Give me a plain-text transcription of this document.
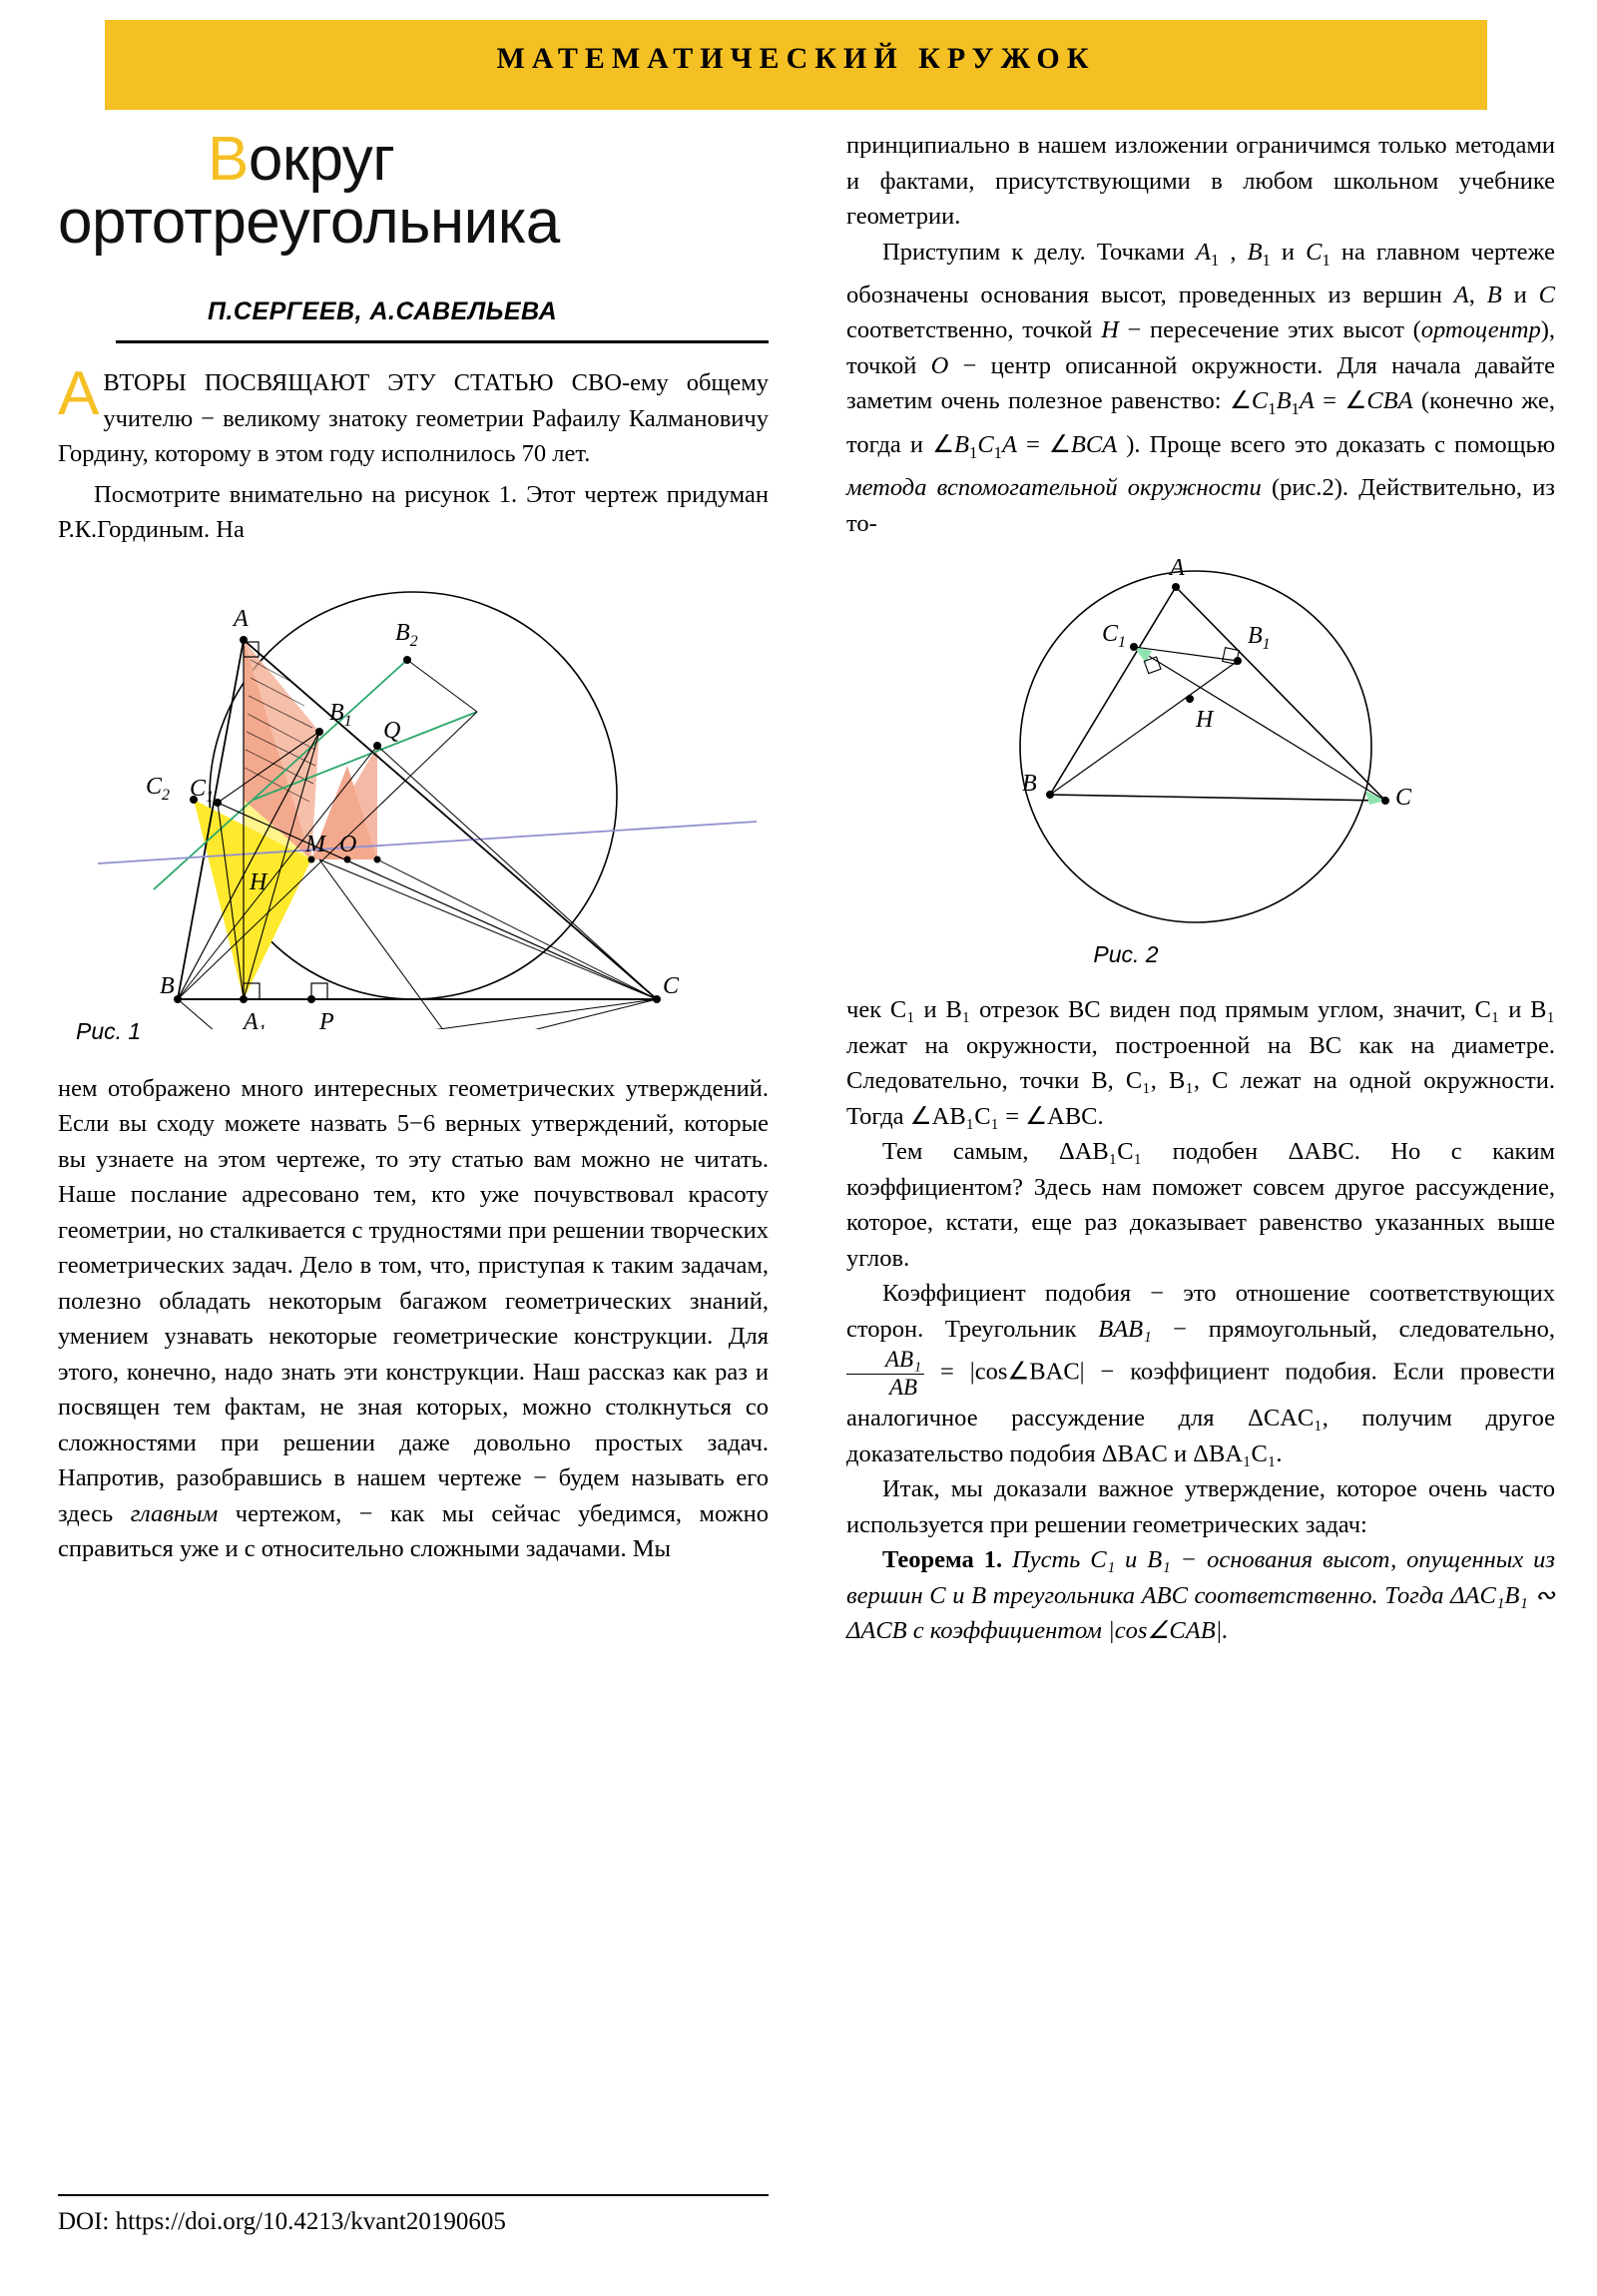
МАТЕМАТИЧЕСКИЙ КРУЖОК
Вокруг
ортотреугольника
П.СЕРГЕЕВ, А.САВЕЛЬЕВА
АВТОРЫ ПОСВЯЩАЮТ ЭТУ СТАТЬЮ СВО-ему общему учителю − великому знатоку геометрии Рафаилу Калмановичу Гордину, которому в этом году исполнилось 70 лет.

Посмотрите внимательно на рисунок 1. Этот чертеж придуман Р.К.Гординым. На

A
$B_2$
$B_1$ Q
$C_2$ $C_1$
M O
H
B
A	P
C
Рис. 1

нем отображено много интересных геометрических утверждений. Если вы сходу можете назвать 5−6 верных утверждений, которые вы узнаете на этом чертеже, то эту статью вам можно не читать. Наше послание адресовано тем, кто уже почувствовал красоту геометрии, но сталкивается с трудностями при решении творческих геометрических задач. Дело в том, что, приступая к таким задачам, полезно обладать некоторым багажом геометрических знаний, умением узнавать некоторые геометрические конструкции. Для этого, конечно, надо знать эти конструкции. Наш рассказ как раз и посвящен тем фактам, не зная которых, можно столкнуться со сложностями при решении даже довольно простых задач. Напротив, разобравшись в нашем чертеже − будем называть его здесь главным чертежом, − как мы сейчас убедимся, можно справиться уже и с относительно сложными задачами. Мы

принципиально в нашем изложении ограничимся только методами и фактами, присутствующими в любом школьном учебнике геометрии.

Приступим к делу. Точками $A_1$ , $B_1$ и $C_1$ на главном чертеже обозначены основания высот, проведенных из вершин A, B и C соответственно, точкой H − пересечение этих высот (ортоцентр), точкой O − центр описанной окружности. Для начала давайте заметим очень полезное равенство: $\angle C_1B_1A$ = ∠CBA (конечно же, тогда и $\angle B_1C_1A$ = ∠BCA ). Проще всего это доказать с помощью метода вспомогательной окружности (рис.2). Действительно, из то-

A
$B_1$
$C_1$
H
B
C
Рис. 2

чек C₁ и B₁ отрезок BC виден под прямым углом, значит, C₁ и B₁ лежат на окружности, построенной на BC как на диаметре. Следовательно, точки B, C₁, B₁, C лежат на одной окружности. Тогда ∠AB₁C₁ = ∠ABC.

Тем самым, ΔAB₁C₁ подобен ΔABC. Но с каким коэффициентом? Здесь нам поможет совсем другое рассуждение, которое, кстати, еще раз доказывает равенство указанных выше углов.

Коэффициент подобия − это отношение соответствующих сторон. Треугольник BAB₁ − прямоугольный, следовательно,
$\frac{\text{AB₁}}{AB}$ = |cos∠BAC| − коэффициент подобия. Если провести аналогичное рассуждение для ΔCAC₁, получим другое доказательство подобия ΔBAC и ΔBA₁C₁.

Итак, мы доказали важное утверждение, которое очень часто используется при решении геометрических задач:

Теорема 1. Пусть C₁ и B₁ − основания высот, опущенных из вершин C и B треугольника ABC соответственно. Тогда ΔAC₁B₁ ∾ ΔACB с коэффициентом |cos∠CAB|.

DOI: https://doi.org/10.4213/kvant20190605
